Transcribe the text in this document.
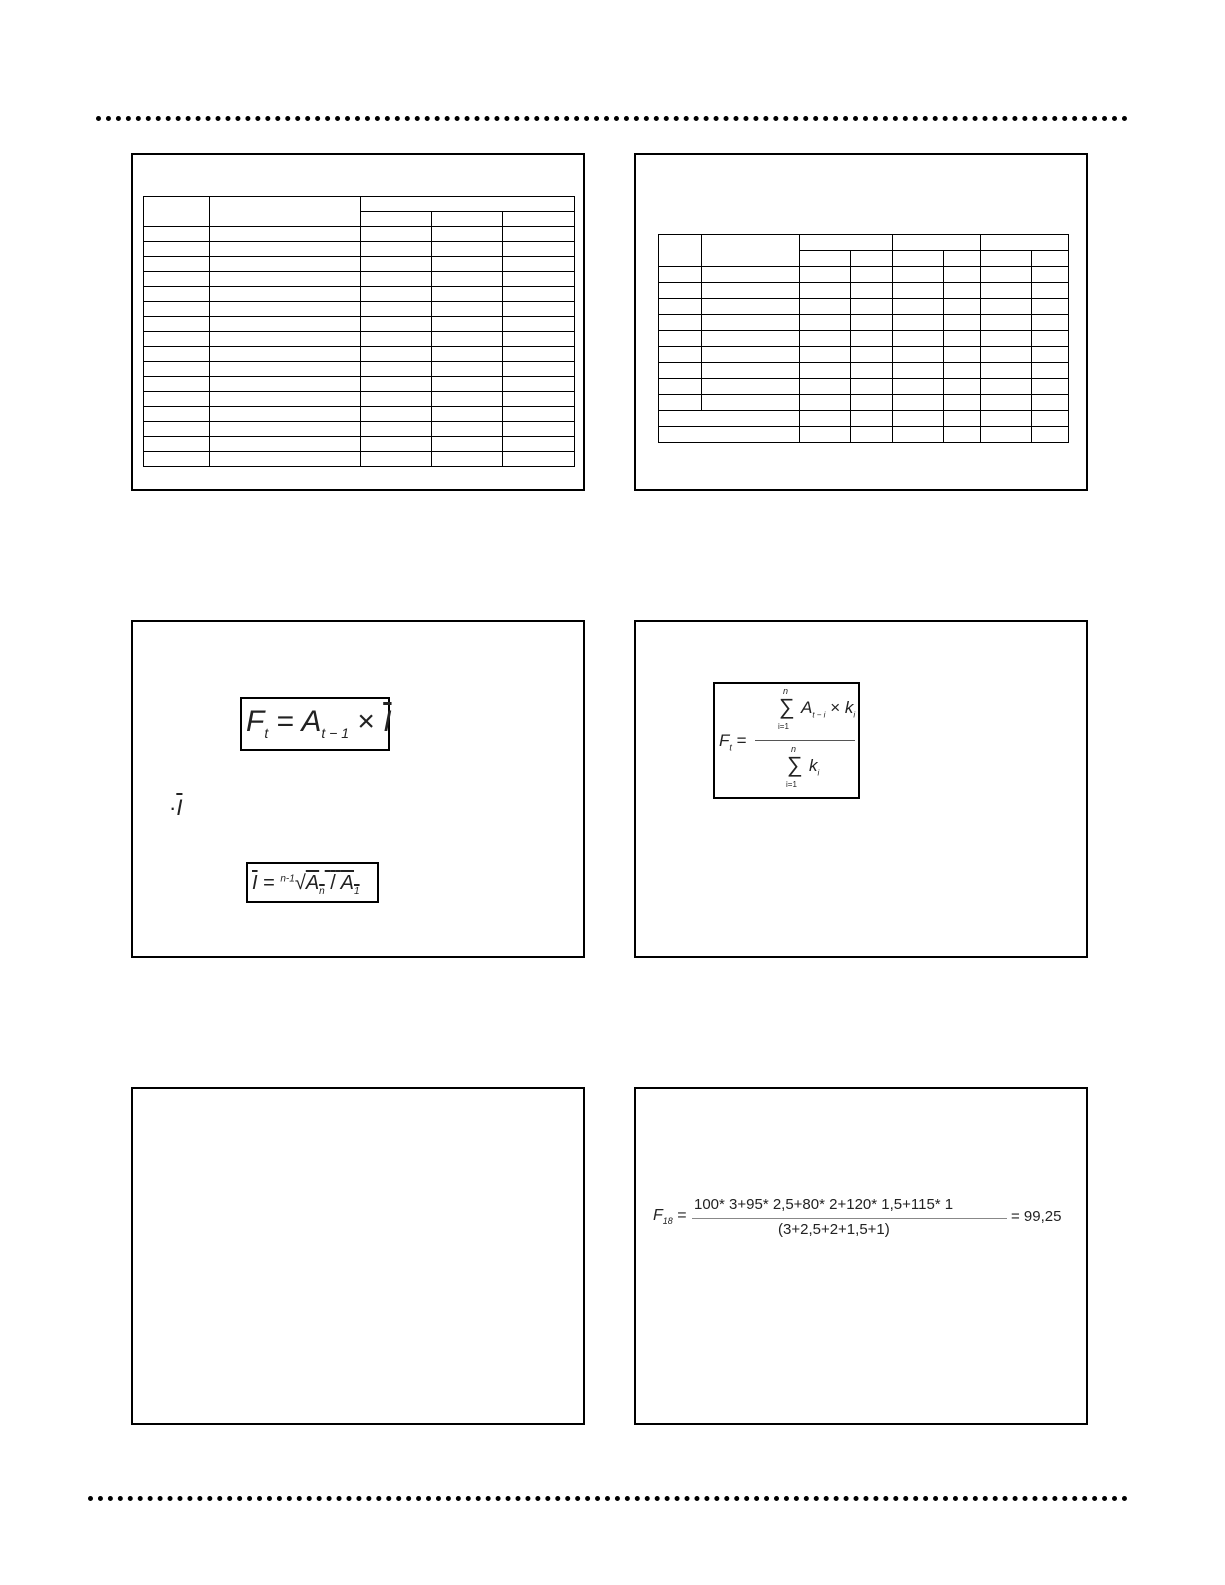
$F_t = A_{t - 1} \times \overline{I}$
$\cdot\overline{I}$
$\overline{I} = ^{n-1}√A_n / A_1$
$F_t$ =
n
∑
i=1
$A_{t - i} \times k_i$
n
∑
i=1
$k_i$
$F_{18}$ =
100* 3+95* 2,5+80* 2+120* 1,5+115* 1
(3+2,5+2+1,5+1)
= 99,25
